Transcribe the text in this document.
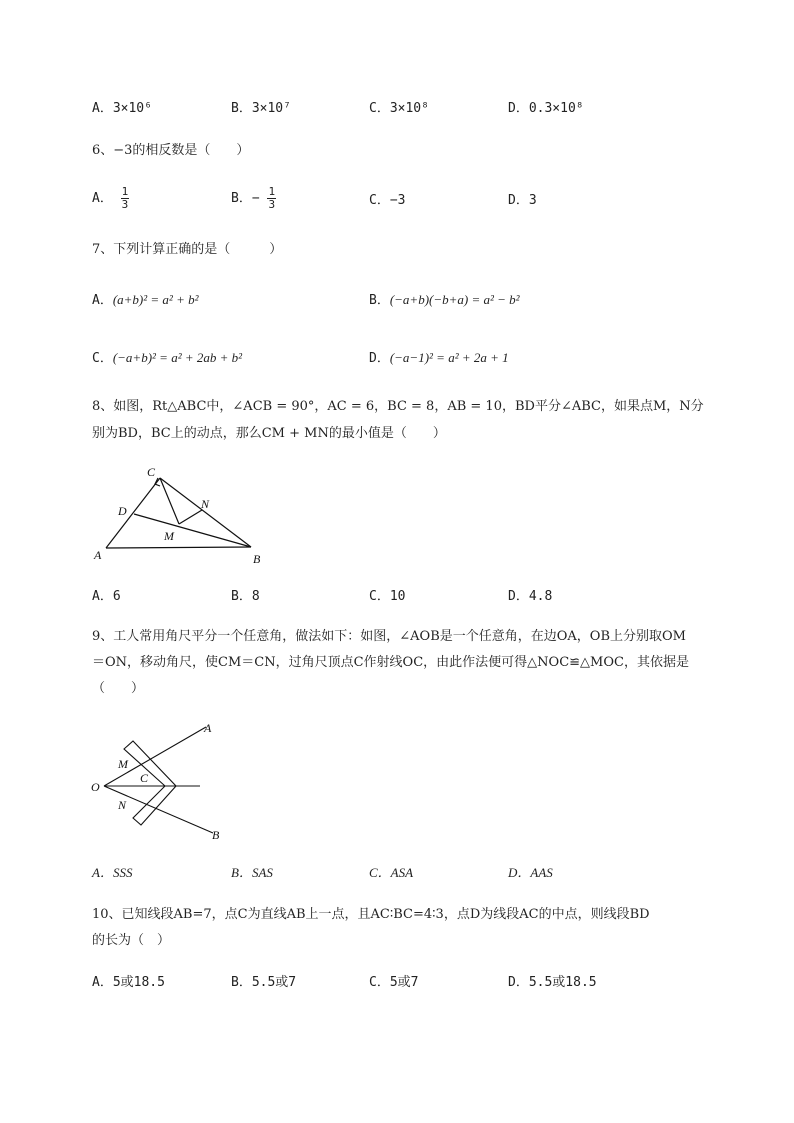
A．3×10⁶	B．3×10⁷	C．3×10⁸	D．0.3×10⁸
6、−3的相反数是（　　）
A． $\frac{1}{3}$	B．− $\frac{1}{3}$	C．−3	D．3
7、下列计算正确的是（　　　）
A．(a+b)² = a² + b²	B．(−a+b)(−b+a) = a² − b²
C．(−a+b)² = a² + 2ab + b²	D．(−a−1)² = a² + 2a + 1
8、如图，Rt△ABC中，∠ACB = 90°，AC = 6，BC = 8，AB = 10，BD平分∠ABC，如果点M，N分
别为BD，BC上的动点，那么CM + MN的最小值是（　　）
C
D	N
M
A	B
A．6	B．8	C．10	D．4.8
9、工人常用角尺平分一个任意角，做法如下：如图，∠AOB是一个任意角，在边OA，OB上分别取OM
＝ON，移动角尺，使CM＝CN，过角尺顶点C作射线OC，由此作法便可得△NOC≌△MOC，其依据是
（　　）
A
M
C
O
N
B
A．SSS	B．SAS	C．ASA	D．AAS
10、已知线段AB=7，点C为直线AB上一点，且AC∶BC=4∶3，点D为线段AC的中点，则线段BD
的长为（　）
A．5或18.5	B．5.5或7	C．5或7	D．5.5或18.5
